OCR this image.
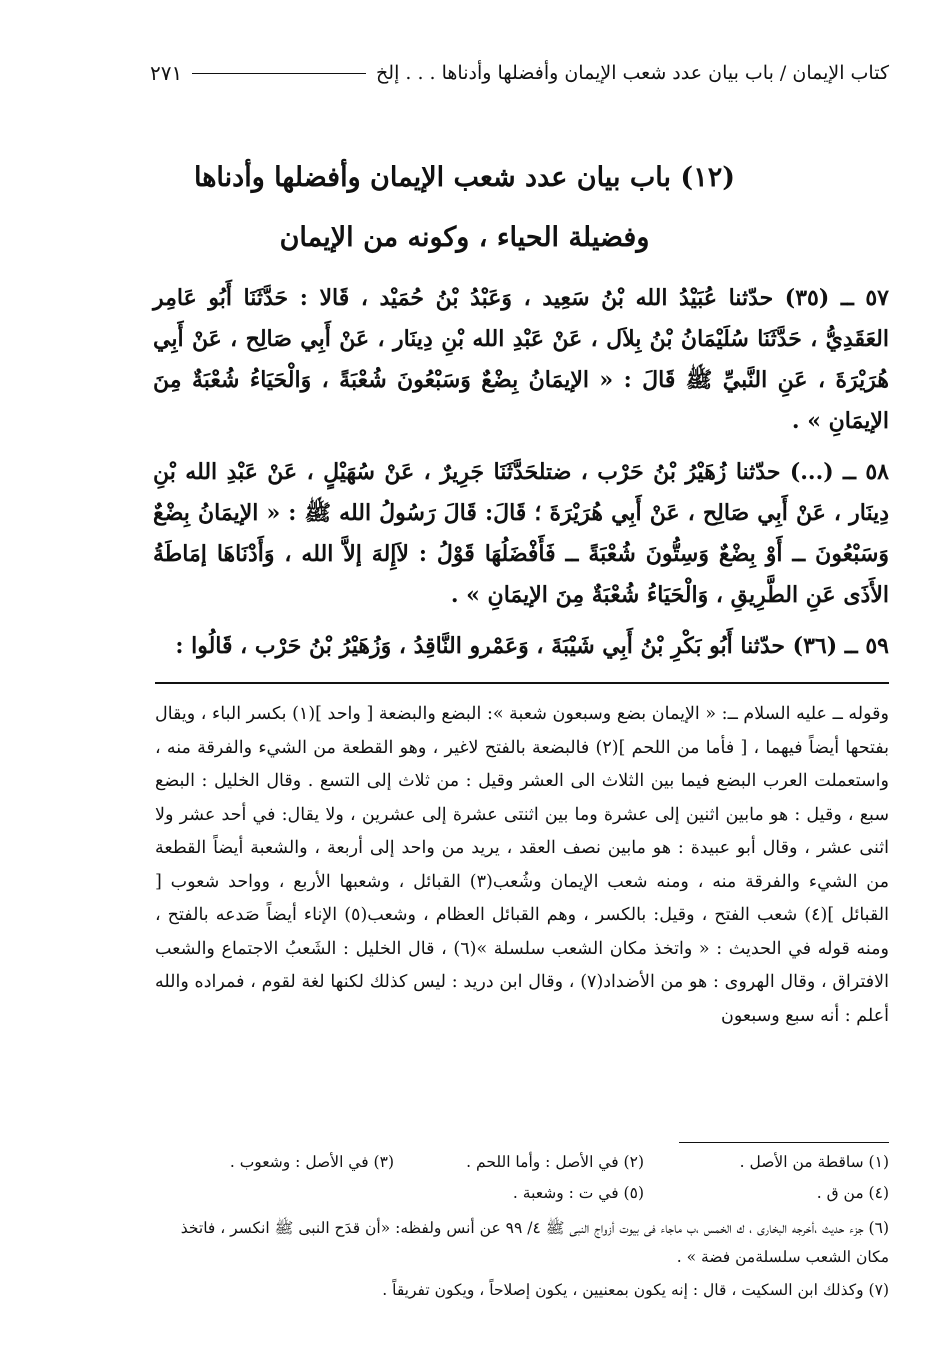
كتاب الإيمان / باب بيان عدد شعب الإيمان وأفضلها وأدناها . . . إلخ
٢٧١
(١٢) باب بيان عدد شعب الإيمان وأفضلها وأدناها
وفضيلة الحياء ، وكونه من الإيمان

٥٧ ــ (٣٥) حدّثنا عُبَيْدُ الله بْنُ سَعِيد ، وَعَبْدُ بْنُ حُمَيْد ، قَالا : حَدَّثَنَا أَبُو عَامِر العَقَدِيُّ ، حَدَّثَنَا سُلَيْمَانُ بْنُ بِلاَل ، عَنْ عَبْدِ الله بْنِ دِينَار ، عَنْ أَبِي صَالِح ، عَنْ أَبِي هُرَيْرَةَ ، عَنِ النَّبيِّ ﷺ قَالَ : « الإيمَانُ بِضْعٌ وَسَبْعُونَ شُعْبَةً ، وَالْحَيَاءُ شُعْبَةٌ مِنَ الإيمَانِ » .

٥٨ ــ (...) حدّثنا زُهَيْرُ بْنُ حَرْب ، ضتلحَدَّثَنَا جَرِيرٌ ، عَنْ سُهَيْلٍ ، عَنْ عَبْدِ الله بْنِ دِينَار ، عَنْ أَبِي صَالِح ، عَنْ أَبِي هُرَيْرَةَ ؛ قَالَ: قَالَ رَسُولُ الله ﷺ : « الإيمَانُ بِضْعٌ وَسَبْعُونَ ــ أَوْ بِضْعٌ وَسِتُّونَ شُعْبَةً ــ فَأَفْضَلُهَا قَوْلُ : لاَإِلهَ إلاَّ الله ، وَأَدْنَاهَا إمَاطَةُ الأَذَى عَنِ الطَّرِيقِ ، وَالْحَيَاءُ شُعْبَةٌ مِنَ الإيمَانِ » .

٥٩ ــ (٣٦) حدّثنا أَبُو بَكْرِ بْنُ أَبِي شَيْبَةَ ، وَعَمْرو النَّاقِدُ ، وَزُهَيْرُ بْنُ حَرْب ، قَالُوا :

وقوله ــ عليه السلام ــ: « الإيمان بضع وسبعون شعبة »: البضع والبضعة [ واحد ](١) بكسر الباء ، ويقال بفتحها أيضاً فيهما ، [ فأما من اللحم ](٢) فالبضعة بالفتح لاغير ، وهو القطعة من الشيء والفرقة منه ، واستعملت العرب البضع فيما بين الثلاث الى العشر وقيل : من ثلاث إلى التسع . وقال الخليل : البضع سبع ، وقيل : هو مابين اثنين إلى عشرة وما بين اثنتى عشرة إلى عشرين ، ولا يقال: في أحد عشر ولا اثنى عشر ، وقال أبو عبيدة : هو مابين نصف العقد ، يريد من واحد إلى أربعة ، والشعبة أيضاً القطعة من الشيء والفرقة منه ، ومنه شعب الإيمان وشُعب(٣) القبائل ، وشعبها الأربع ، وواحد شعوب [ القبائل ](٤) شعب الفتح ، وقيل: بالكسر ، وهم القبائل العظام ، وشعب(٥) الإناء أيضاً صَدعه بالفتح ، ومنه قوله في الحديث : « واتخذ مكان الشعب سلسلة »(٦) ، قال الخليل : الشَعبُ الاجتماع والشعب الافتراق ، وقال الهروى : هو من الأضداد(٧) ، وقال ابن دريد : ليس كذلك لكنها لغة لقوم ، فمراده والله أعلم : أنه سبع وسبعون
(١) ساقطة من الأصل .
(٢) في الأصل : وأما اللحم .
(٣) في الأصل : وشعوب .
(٤) من ق .
(٥) في ت : وشعبة .
(٦) جزء حديث ،أخرجه البخارى ، ك الخمس ،ب ماجاء فى بيوت أزواج النبى ﷺ ٤/ ٩٩ عن أنس ولفظه: «أن قدَح النبى ﷺ انكسر ، فاتخذ مكان الشعب سلسلةمن فضة » .
(٧) وكذلك ابن السكيت ، قال : إنه يكون بمعنيين ، يكون إصلاحاً ، ويكون تفريقاً .
